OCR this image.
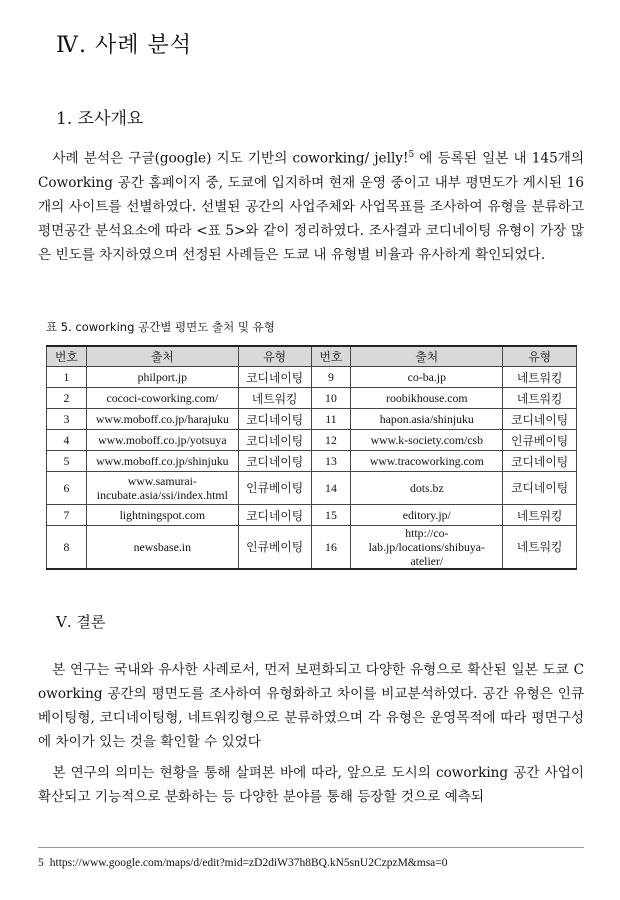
Ⅳ. 사례 분석
1. 조사개요
　사례 분석은 구글(google) 지도 기반의 coworking/ jelly!$^5$ 에 등록된 일본 내 145개의 Coworking 공간 홈페이지 중, 도쿄에 입지하며 현재 운영 중이고 내부 평면도가 게시된 16개의 사이트를 선별하였다. 선별된 공간의 사업주체와 사업목표를 조사하여 유형을 분류하고 평면공간 분석요소에 따라 <표 5>와 같이 정리하였다. 조사결과 코디네이팅 유형이 가장 많은 빈도를 차지하였으며 선정된 사례들은 도쿄 내 유형별 비율과 유사하게 확인되었다.
표 5. coworking 공간별 평면도 출처 및 유형
번호	출처	유형	번호	출처	유형
1	philport.jp	코디네이팅	9	co-ba.jp	네트워킹
2	cococi-coworking.com/	네트워킹	10	roobikhouse.com	네트워킹
3	www.moboff.co.jp/harajuku	코디네이팅	11	hapon.asia/shinjuku	코디네이팅
4	www.moboff.co.jp/yotsuya	코디네이팅	12	www.k-society.com/csb	인큐베이팅
5	www.moboff.co.jp/shinjuku	코디네이팅	13	www.tracoworking.com	코디네이팅
6	www.samurai-incubate.asia/ssi/index.html	인큐베이팅	14	dots.bz	코디네이팅
7	lightningspot.com	코디네이팅	15	editory.jp/	네트워킹
8	newsbase.in	인큐베이팅	16	http://co-lab.jp/locations/shibuya-atelier/	네트워킹
Ⅴ. 결론
　본 연구는 국내와 유사한 사례로서, 먼저 보편화되고 다양한 유형으로 확산된 일본 도쿄 Coworking 공간의 평면도를 조사하여 유형화하고 차이를 비교분석하였다. 공간 유형은 인큐베이팅형, 코디네이팅형, 네트워킹형으로 분류하였으며 각 유형은 운영목적에 따라 평면구성에 차이가 있는 것을 확인할 수 있었다
　본 연구의 의미는 현황을 통해 살펴본 바에 따라, 앞으로 도시의 coworking 공간 사업이 확산되고 기능적으로 분화하는 등 다양한 분야를 통해 등장할 것으로 예측되
5 https://www.google.com/maps/d/edit?mid=zD2diW37h8BQ.kN5snU2CzpzM&msa=0
